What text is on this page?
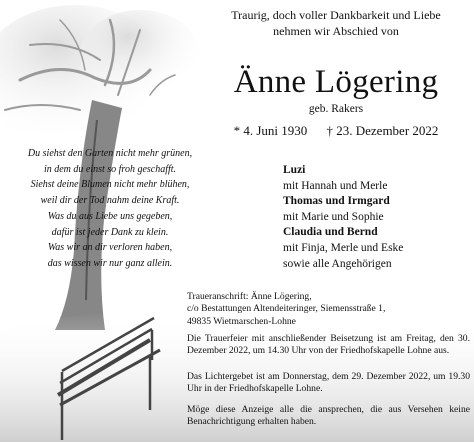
Traurig, doch voller Dankbarkeit und Liebe
nehmen wir Abschied von
Änne Lögering
geb. Rakers
* 4. Juni 1930 † 23. Dezember 2022
Du siehst den Garten nicht mehr grünen,
in dem du einst so froh geschafft.
Siehst deine Blumen nicht mehr blühen,
weil dir der Tod nahm deine Kraft.
Was du aus Liebe uns gegeben,
dafür ist jeder Dank zu klein.
Was wir an dir verloren haben,
das wissen wir nur ganz allein.
Luzi
mit Hannah und Merle
Thomas und Irmgard
mit Marie und Sophie
Claudia und Bernd
mit Finja, Merle und Eske
sowie alle Angehörigen
Traueranschrift: Änne Lögering,
c/o Bestattungen Altendeiteringer, Siemensstraße 1,
49835 Wietmarschen-Lohne
Die Trauerfeier mit anschließender Beisetzung ist am Freitag, den 30. Dezember 2022, um 14.30 Uhr von der Friedhofskapelle Lohne aus.
Das Lichtergebet ist am Donnerstag, dem 29. Dezember 2022, um 19.30 Uhr in der Friedhofskapelle Lohne.
Möge diese Anzeige alle die ansprechen, die aus Versehen keine Benachrichtigung erhalten haben.
